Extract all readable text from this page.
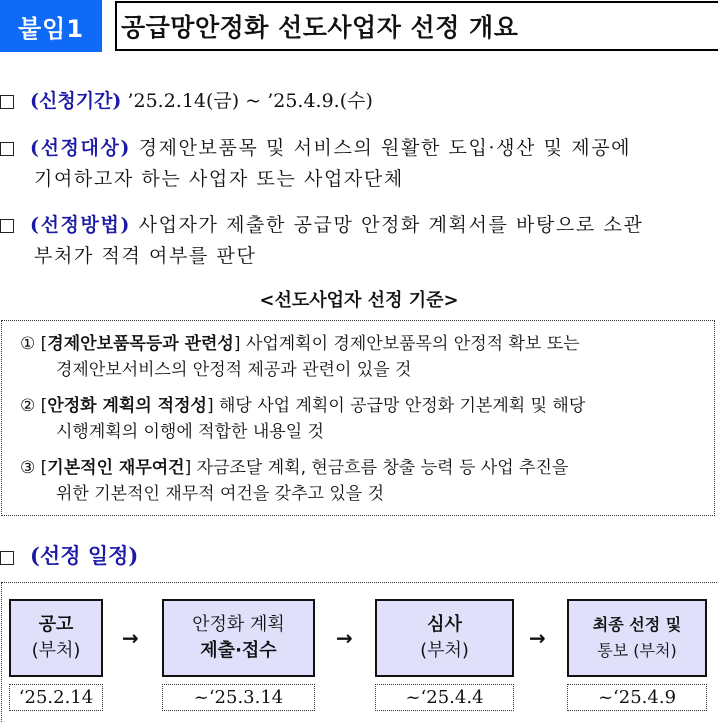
붙임1	공급망안정화 선도사업자 선정 개요
(신청기간) ’25.2.14(금) ~ ’25.4.9.(수)
(선정대상) 경제안보품목 및 서비스의 원활한 도입·생산 및 제공에
기여하고자 하는 사업자 또는 사업자단체
(선정방법) 사업자가 제출한 공급망 안정화 계획서를 바탕으로 소관
부처가 적격 여부를 판단
<선도사업자 선정 기준>
① [경제안보품목등과 관련성] 사업계획이 경제안보품목의 안정적 확보 또는
경제안보서비스의 안정적 제공과 관련이 있을 것
② [안정화 계획의 적정성] 해당 사업 계획이 공급망 안정화 기본계획 및 해당
시행계획의 이행에 적합한 내용일 것
③ [기본적인 재무여건] 자금조달 계획, 현금흐름 창출 능력 등 사업 추진을
위한 기본적인 재무적 여건을 갖추고 있을 것
(선정 일정)
공고
(부처)
→
안정화 계획
제출·접수
→
심사
(부처)
→
최종 선정 및
통보 (부처)
‘25.2.14	~‘25.3.14	~‘25.4.4	~‘25.4.9
